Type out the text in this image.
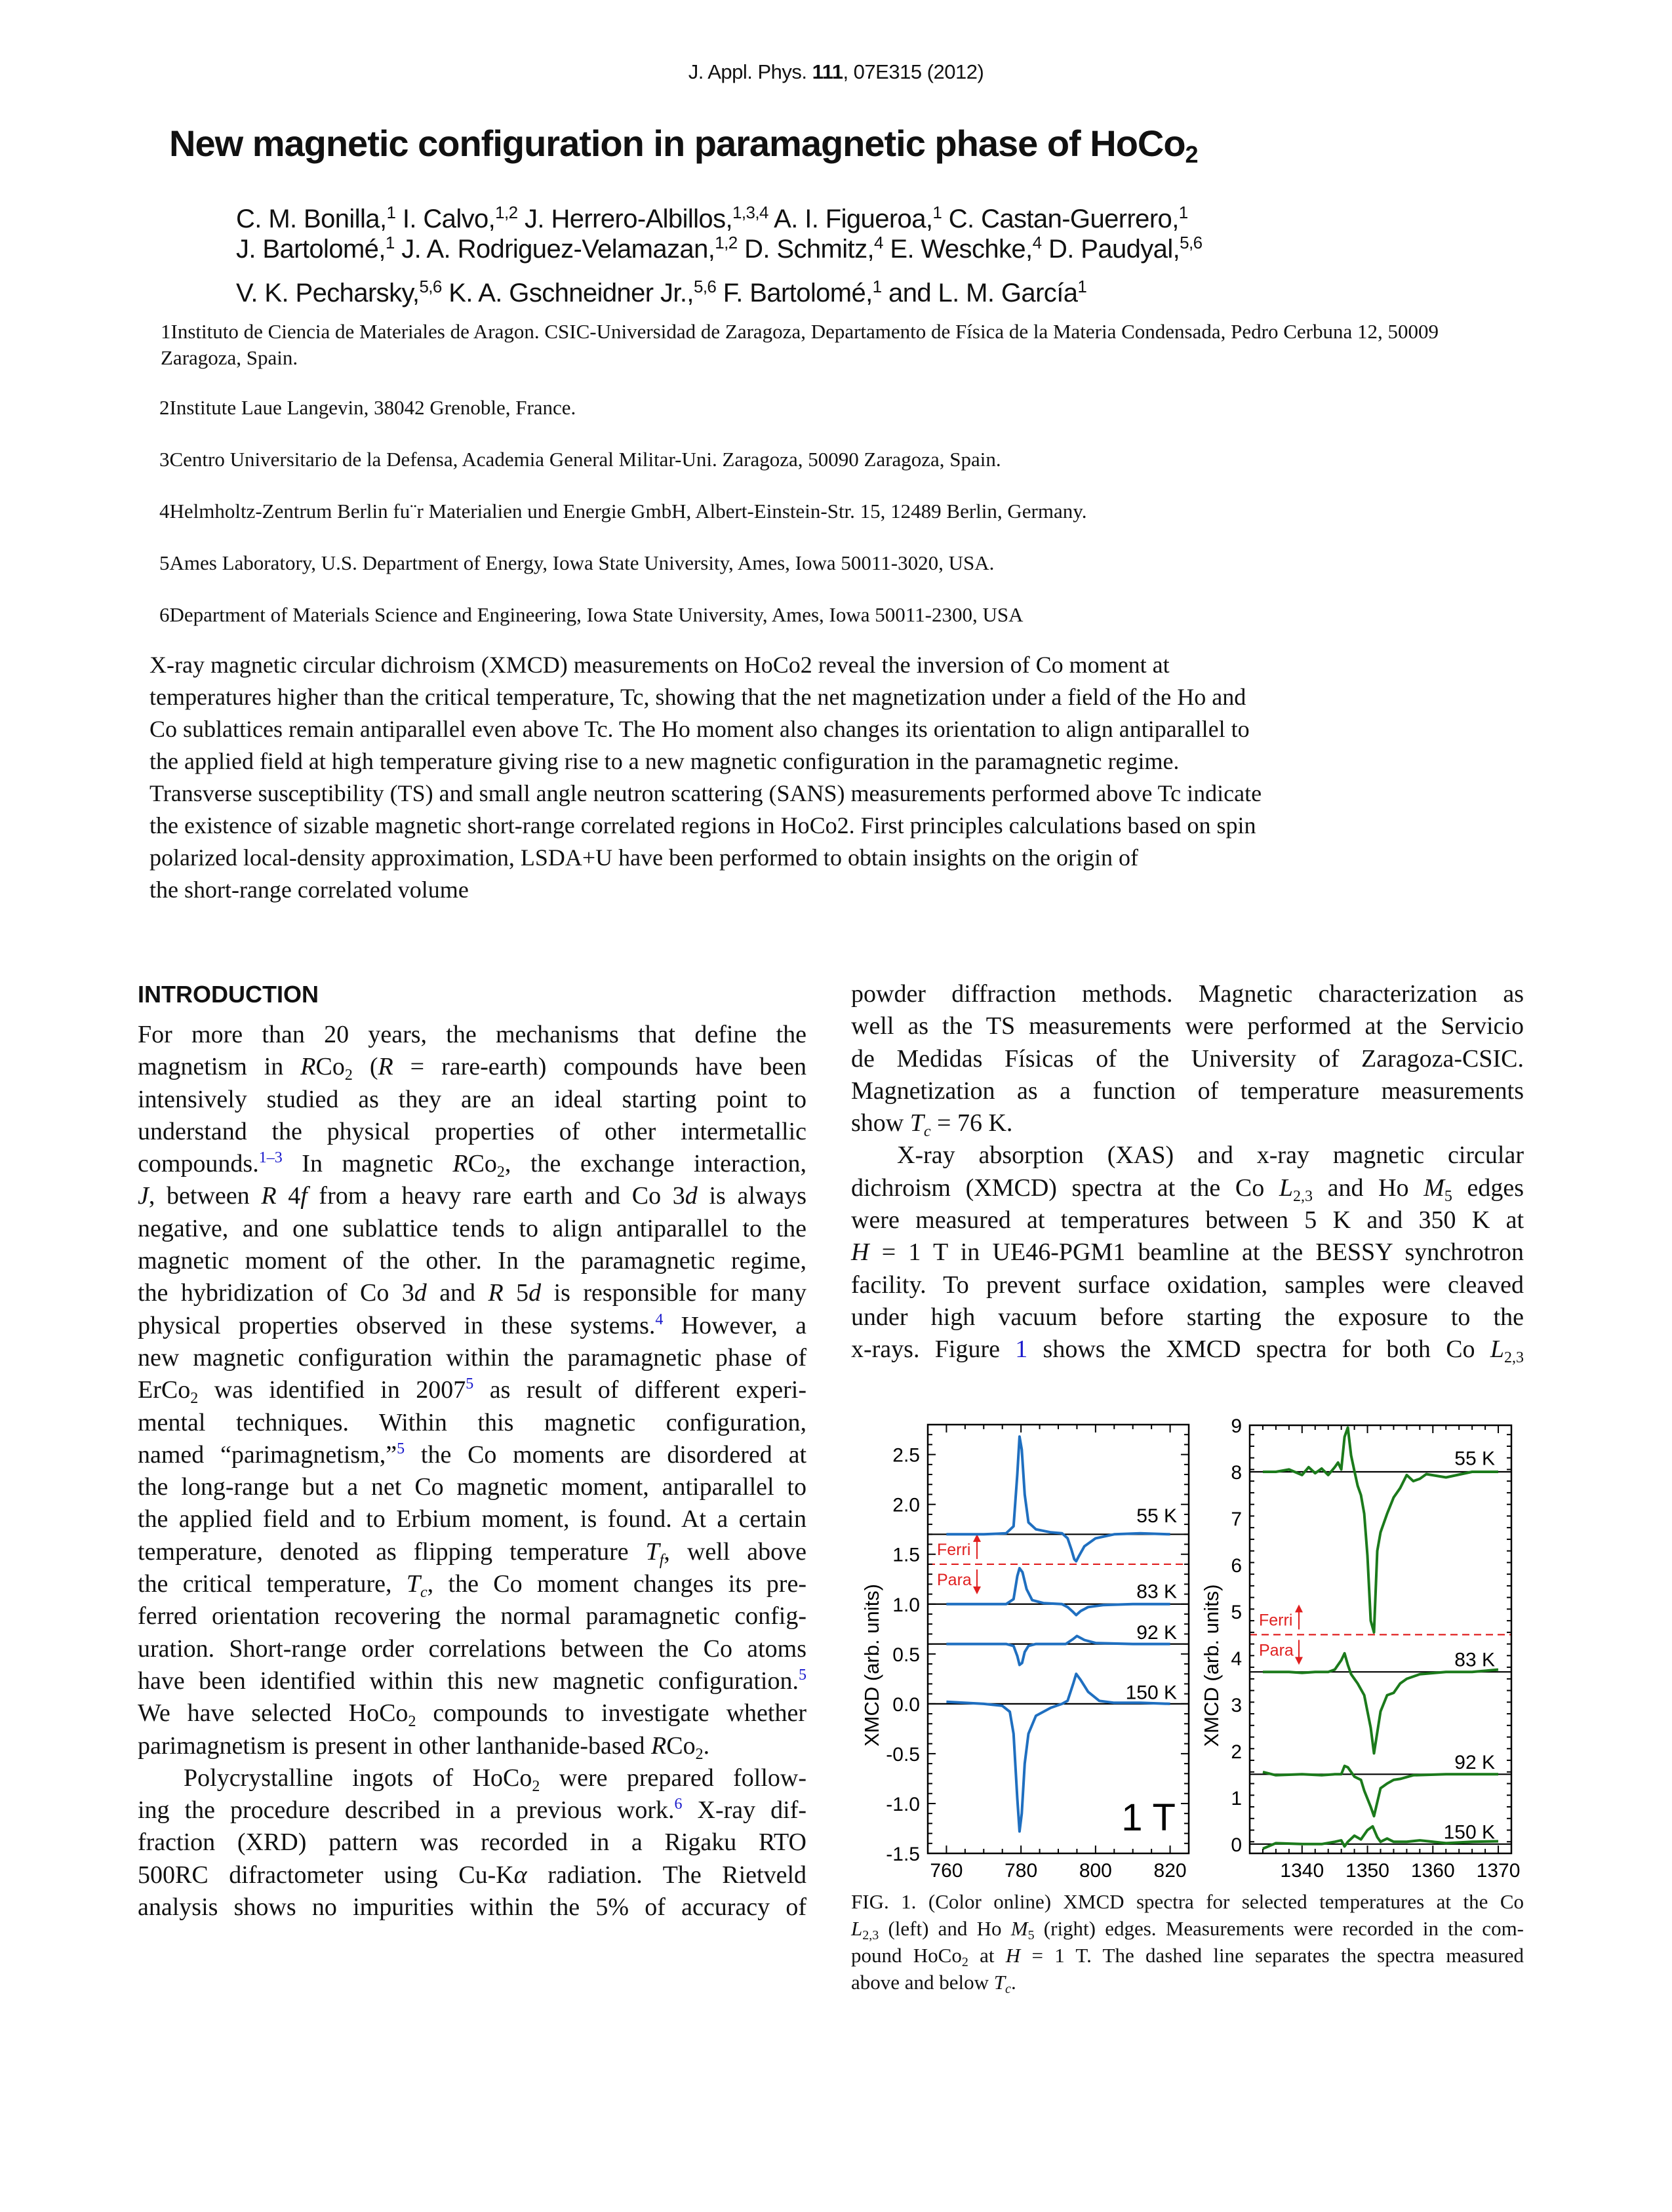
J. Appl. Phys. 111, 07E315 (2012)
New magnetic configuration in paramagnetic phase of HoCo$_2$
C. M. Bonilla,$^1$ I. Calvo,$^{1,2}$ J. Herrero-Albillos,$^{1,3,4}$ A. I. Figueroa,$^1$ C. Castan-Guerrero,$^1$
J. Bartolomé,$^1$ J. A. Rodriguez-Velamazan,$^{1,2}$ D. Schmitz,$^4$ E. Weschke,$^4$ D. Paudyal,$^{5,6}$
V. K. Pecharsky,$^{5,6}$ K. A. Gschneidner Jr.,$^{5,6}$ F. Bartolomé,$^1$ and L. M. García$^1$
1Instituto de Ciencia de Materiales de Aragon. CSIC-Universidad de Zaragoza, Departamento de Física de la Materia Condensada, Pedro Cerbuna 12, 50009 Zaragoza, Spain.
2Institute Laue Langevin, 38042 Grenoble, France.
3Centro Universitario de la Defensa, Academia General Militar-Uni. Zaragoza, 50090 Zaragoza, Spain.
4Helmholtz-Zentrum Berlin fu¨r Materialien und Energie GmbH, Albert-Einstein-Str. 15, 12489 Berlin, Germany.
5Ames Laboratory, U.S. Department of Energy, Iowa State University, Ames, Iowa 50011-3020, USA.
6Department of Materials Science and Engineering, Iowa State University, Ames, Iowa 50011-2300, USA
X-ray magnetic circular dichroism (XMCD) measurements on HoCo2 reveal the inversion of Co moment at
temperatures higher than the critical temperature, Tc, showing that the net magnetization under a field of the Ho and
Co sublattices remain antiparallel even above Tc. The Ho moment also changes its orientation to align antiparallel to
the applied field at high temperature giving rise to a new magnetic configuration in the paramagnetic regime.
Transverse susceptibility (TS) and small angle neutron scattering (SANS) measurements performed above Tc indicate
the existence of sizable magnetic short-range correlated regions in HoCo2. First principles calculations based on spin
polarized local-density approximation, LSDA+U have been performed to obtain insights on the origin of
the short-range correlated volume
INTRODUCTION
For more than 20 years, the mechanisms that define the
magnetism in RCo$_2$ (R = rare-earth) compounds have been
intensively studied as they are an ideal starting point to
understand the physical properties of other intermetallic
compounds.$^{1-3}$ In magnetic RCo$_2$, the exchange interaction,
J, between R 4f from a heavy rare earth and Co 3d is always
negative, and one sublattice tends to align antiparallel to the
magnetic moment of the other. In the paramagnetic regime,
the hybridization of Co 3d and R 5d is responsible for many
physical properties observed in these systems.$^4$ However, a
new magnetic configuration within the paramagnetic phase of
ErCo$_2$ was identified in 2007$^5$ as result of different experi-
mental techniques. Within this magnetic configuration,
named “parimagnetism,”$^5$ the Co moments are disordered at
the long-range but a net Co magnetic moment, antiparallel to
the applied field and to Erbium moment, is found. At a certain
temperature, denoted as flipping temperature $T_f$, well above
the critical temperature, $T_c$, the Co moment changes its pre-
ferred orientation recovering the normal paramagnetic config-
uration. Short-range order correlations between the Co atoms
have been identified within this new magnetic configuration.$^5$
We have selected HoCo$_2$ compounds to investigate whether
parimagnetism is present in other lanthanide-based RCo$_2$.
Polycrystalline ingots of HoCo$_2$ were prepared follow-
ing the procedure described in a previous work.$^6$ X-ray dif-
fraction (XRD) pattern was recorded in a Rigaku RTO
500RC difractometer using Cu-Kα radiation. The Rietveld
analysis shows no impurities within the 5% of accuracy of
powder diffraction methods. Magnetic characterization as
well as the TS measurements were performed at the Servicio
de Medidas Físicas of the University of Zaragoza-CSIC.
Magnetization as a function of temperature measurements
show $T_c = 76$ K.
X-ray absorption (XAS) and x-ray magnetic circular
dichroism (XMCD) spectra at the Co $L_{2,3}$ and Ho $M_5$ edges
were measured at temperatures between 5 K and 350 K at
H = 1 T in UE46-PGM1 beamline at the BESSY synchrotron
facility. To prevent surface oxidation, samples were cleaved
under high vacuum before starting the exposure to the
x-rays. Figure 1 shows the XMCD spectra for both Co $L_{2,3}$
Ferri
Para
55 K
83 K
92 K
150 K
-1.5
-1.0
-0.5
0.0
0.5
1.0
1.5
2.0
2.5
760 780 800 820
XMCD (arb. units)
1 T
Ferri
Para
55 K
83 K
92 K
150 K
0
1
2
3
4
5
6
7
8
9
1340 1350 1360 1370
XMCD (arb. units)
FIG. 1. (Color online) XMCD spectra for selected temperatures at the Co
$L_{2,3}$ (left) and Ho $M_5$ (right) edges. Measurements were recorded in the com-
pound HoCo$_2$ at H = 1 T. The dashed line separates the spectra measured
above and below $T_c$.
